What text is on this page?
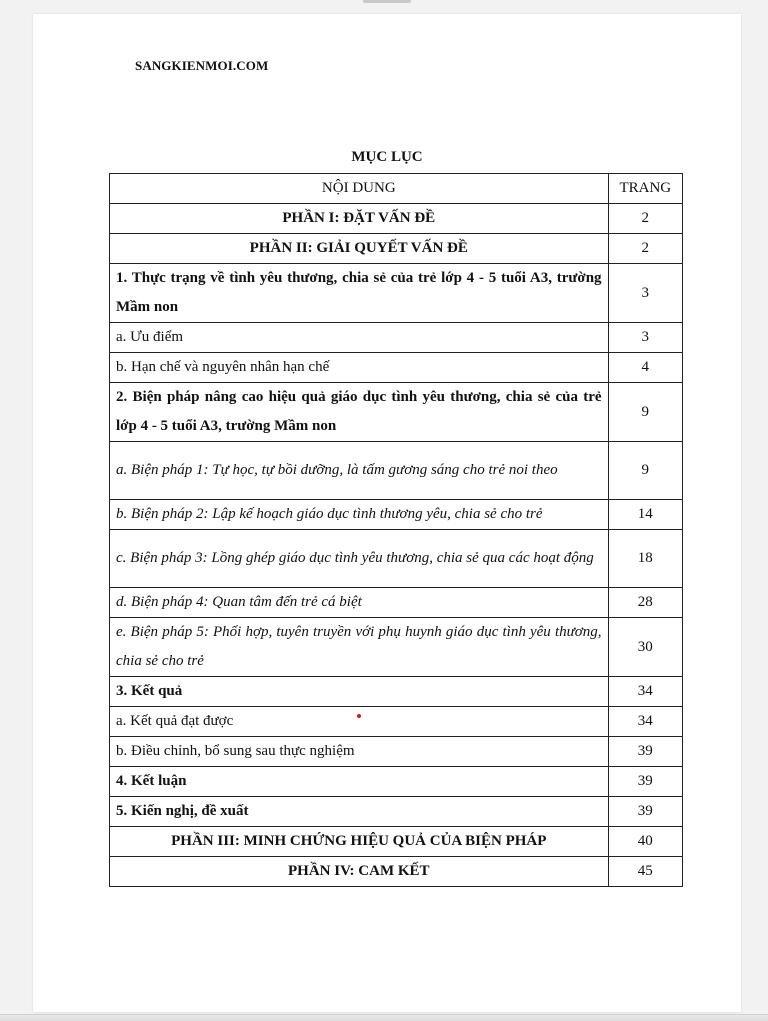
SANGKIENMOI.COM
MỤC LỤC
NỘI DUNG	TRANG
PHẦN I: ĐẶT VẤN ĐỀ	2
PHẦN II: GIẢI QUYẾT VẤN ĐỀ	2
1. Thực trạng về tình yêu thương, chia sẻ của trẻ lớp 4 - 5 tuổi A3, trường Mầm non	3
a. Ưu điểm	3
b. Hạn chế và nguyên nhân hạn chế	4
2. Biện pháp nâng cao hiệu quả giáo dục tình yêu thương, chia sẻ của trẻ lớp 4 - 5 tuổi A3, trường Mầm non	9
a. Biện pháp 1: Tự học, tự bồi dưỡng, là tấm gương sáng cho trẻ noi theo	9
b. Biện pháp 2: Lập kế hoạch giáo dục tình thương yêu, chia sẻ cho trẻ	14
c. Biện pháp 3: Lồng ghép giáo dục tình yêu thương, chia sẻ qua các hoạt động	18
d. Biện pháp 4: Quan tâm đến trẻ cá biệt	28
e. Biện pháp 5: Phối hợp, tuyên truyền với phụ huynh giáo dục tình yêu thương, chia sẻ cho trẻ	30
3. Kết quả	34
a. Kết quả đạt được	34
b. Điều chỉnh, bổ sung sau thực nghiệm	39
4. Kết luận	39
5. Kiến nghị, đề xuất	39
PHẦN III: MINH CHỨNG HIỆU QUẢ CỦA BIỆN PHÁP	40
PHẦN IV: CAM KẾT	45
